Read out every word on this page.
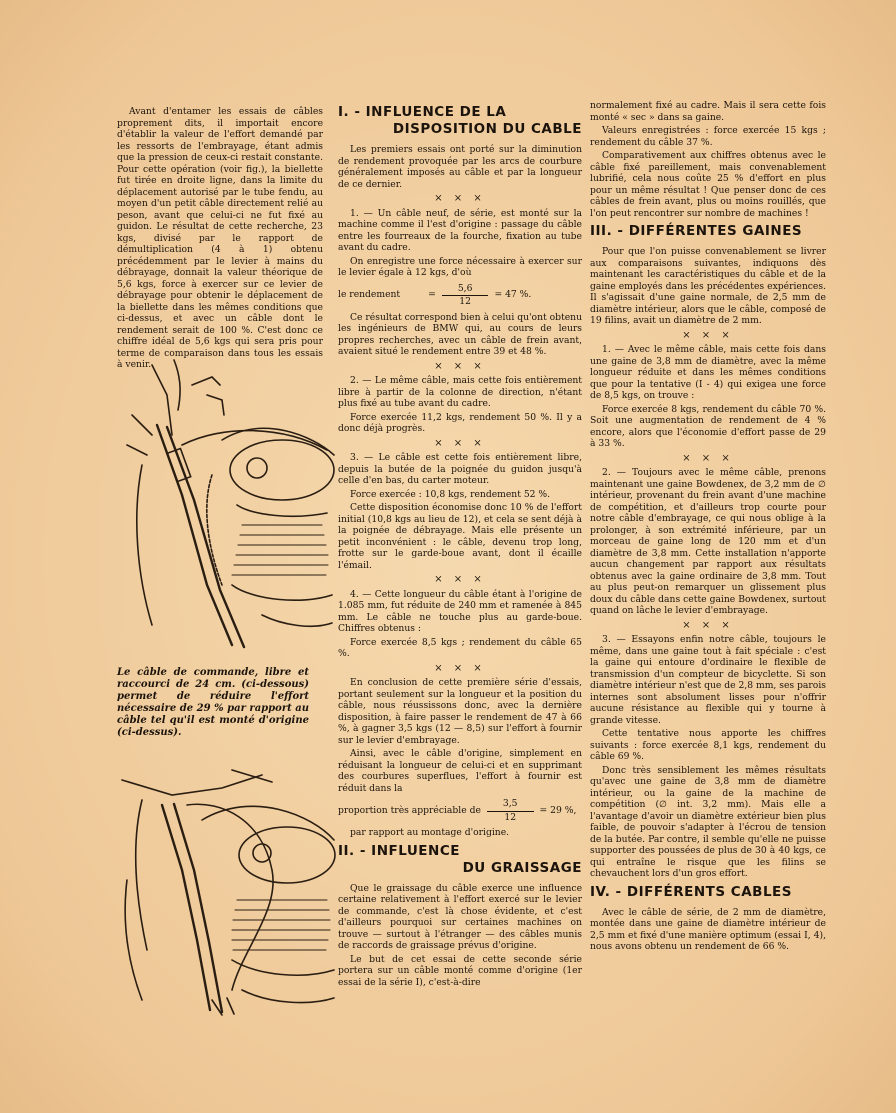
Avant d'entamer les essais de câbles proprement dits, il importait encore d'établir la valeur de l'effort demandé par les ressorts de l'embrayage, étant admis que la pression de ceux-ci restait constante. Pour cette opération (voir fig.), la biellette fut tirée en droite ligne, dans la limite du déplacement autorisé par le tube fendu, au moyen d'un petit câble directement relié au peson, avant que celui-ci ne fut fixé au guidon. Le résultat de cette recherche, 23 kgs, divisé par le rapport de démultiplication (4 à 1) obtenu précédemment par le levier à mains du débrayage, donnait la valeur théorique de 5,6 kgs, force à exercer sur ce levier de débrayage pour obtenir le déplacement de la biellette dans les mêmes conditions que ci-dessus, et avec un câble dont le rendement serait de 100 %. C'est donc ce chiffre idéal de 5,6 kgs qui sera pris pour terme de comparaison dans tous les essais à venir.

Le câble de commande, libre et raccourci de 24 cm. (ci-dessous) permet de réduire l'effort nécessaire de 29 % par rapport au câble tel qu'il est monté d'origine (ci-dessus).

I. - INFLUENCE DE LA

DISPOSITION DU CABLE

Les premiers essais ont porté sur la diminution de rendement provoquée par les arcs de courbure généralement imposés au câble et par la longueur de ce dernier.

× × ×

1. — Un câble neuf, de série, est monté sur la machine comme il l'est d'origine : passage du câble entre les fourreaux de la fourche, fixation au tube avant du cadre.

On enregistre une force nécessaire à exercer sur le levier égale à 12 kgs, d'où

le rendement	= $\frac{5,6}{12} = 47$ %.

Ce résultat correspond bien à celui qu'ont obtenu les ingénieurs de BMW qui, au cours de leurs propres recherches, avec un câble de frein avant, avaient situé le rendement entre 39 et 48 %.

× × ×

2. — Le même câble, mais cette fois entièrement libre à partir de la colonne de direction, n'étant plus fixé au tube avant du cadre.

Force exercée 11,2 kgs, rendement 50 %. Il y a donc déjà progrès.

× × ×

3. — Le câble est cette fois entièrement libre, depuis la butée de la poignée du guidon jusqu'à celle d'en bas, du carter moteur.

Force exercée : 10,8 kgs, rendement 52 %.

Cette disposition économise donc 10 % de l'effort initial (10,8 kgs au lieu de 12), et cela se sent déjà à la poignée de débrayage. Mais elle présente un petit inconvénient : le câble, devenu trop long, frotte sur le garde-boue avant, dont il écaille l'émail.

× × ×

4. — Cette longueur du câble étant à l'origine de 1.085 mm, fut réduite de 240 mm et ramenée à 845 mm. Le câble ne touche plus au garde-boue. Chiffres obtenus :

Force exercée 8,5 kgs ; rendement du câble 65 %.

× × ×

En conclusion de cette première série d'essais, portant seulement sur la longueur et la position du câble, nous réussissons donc, avec la dernière disposition, à faire passer le rendement de 47 à 66 %, à gagner 3,5 kgs (12 — 8,5) sur l'effort à fournir sur le levier d'embrayage.

Ainsi, avec le câble d'origine, simplement en réduisant la longueur de celui-ci et en supprimant des courbures superflues, l'effort à fournir est réduit dans la

proportion très appréciable de $\frac{3,5}{12} = 29$ %,

par rapport au montage d'origine.

II. - INFLUENCE

DU GRAISSAGE

Que le graissage du câble exerce une influence certaine relativement à l'effort exercé sur le levier de commande, c'est là chose évidente, et c'est d'ailleurs pourquoi sur certaines machines on trouve — surtout à l'étranger — des câbles munis de raccords de graissage prévus d'origine.

Le but de cet essai de cette seconde série portera sur un câble monté comme d'origine (1er essai de la série I), c'est-à-dire

normalement fixé au cadre. Mais il sera cette fois monté « sec » dans sa gaine.

Valeurs enregistrées : force exercée 15 kgs ; rendement du câble 37 %.

Comparativement aux chiffres obtenus avec le câble fixé pareillement, mais convenablement lubrifié, cela nous coûte 25 % d'effort en plus pour un même résultat ! Que penser donc de ces câbles de frein avant, plus ou moins rouillés, que l'on peut rencontrer sur nombre de machines !

III. - DIFFÉRENTES GAINES

Pour que l'on puisse convenablement se livrer aux comparaisons suivantes, indiquons dès maintenant les caractéristiques du câble et de la gaine employés dans les précédentes expériences. Il s'agissait d'une gaine normale, de 2,5 mm de diamètre intérieur, alors que le câble, composé de 19 filins, avait un diamètre de 2 mm.

× × ×

1. — Avec le même câble, mais cette fois dans une gaine de 3,8 mm de diamètre, avec la même longueur réduite et dans les mêmes conditions que pour la tentative (I - 4) qui exigea une force de 8,5 kgs, on trouve :

Force exercée 8 kgs, rendement du câble 70 %. Soit une augmentation de rendement de 4 % encore, alors que l'économie d'effort passe de 29 à 33 %.

× × ×

2. — Toujours avec le même câble, prenons maintenant une gaine Bowdenex, de 3,2 mm de ∅ intérieur, provenant du frein avant d'une machine de compétition, et d'ailleurs trop courte pour notre câble d'embrayage, ce qui nous oblige à la prolonger, à son extrémité inférieure, par un morceau de gaine long de 120 mm et d'un diamètre de 3,8 mm. Cette installation n'apporte aucun changement par rapport aux résultats obtenus avec la gaine ordinaire de 3,8 mm. Tout au plus peut-on remarquer un glissement plus doux du câble dans cette gaine Bowdenex, surtout quand on lâche le levier d'embrayage.

× × ×

3. — Essayons enfin notre câble, toujours le même, dans une gaine tout à fait spéciale : c'est la gaine qui entoure d'ordinaire le flexible de transmission d'un compteur de bicyclette. Si son diamètre intérieur n'est que de 2,8 mm, ses parois internes sont absolument lisses pour n'offrir aucune résistance au flexible qui y tourne à grande vitesse.

Cette tentative nous apporte les chiffres suivants : force exercée 8,1 kgs, rendement du câble 69 %.

Donc très sensiblement les mêmes résultats qu'avec une gaine de 3,8 mm de diamètre intérieur, ou la gaine de la machine de compétition (∅ int. 3,2 mm). Mais elle a l'avantage d'avoir un diamètre extérieur bien plus faible, de pouvoir s'adapter à l'écrou de tension de la butée. Par contre, il semble qu'elle ne puisse supporter des poussées de plus de 30 à 40 kgs, ce qui entraîne le risque que les filins se chevauchent lors d'un gros effort.

IV. - DIFFÉRENTS CABLES

Avec le câble de série, de 2 mm de diamètre, montée dans une gaine de diamètre intérieur de 2,5 mm et fixé d'une manière optimum (essai I, 4), nous avons obtenu un rendement de 66 %.
